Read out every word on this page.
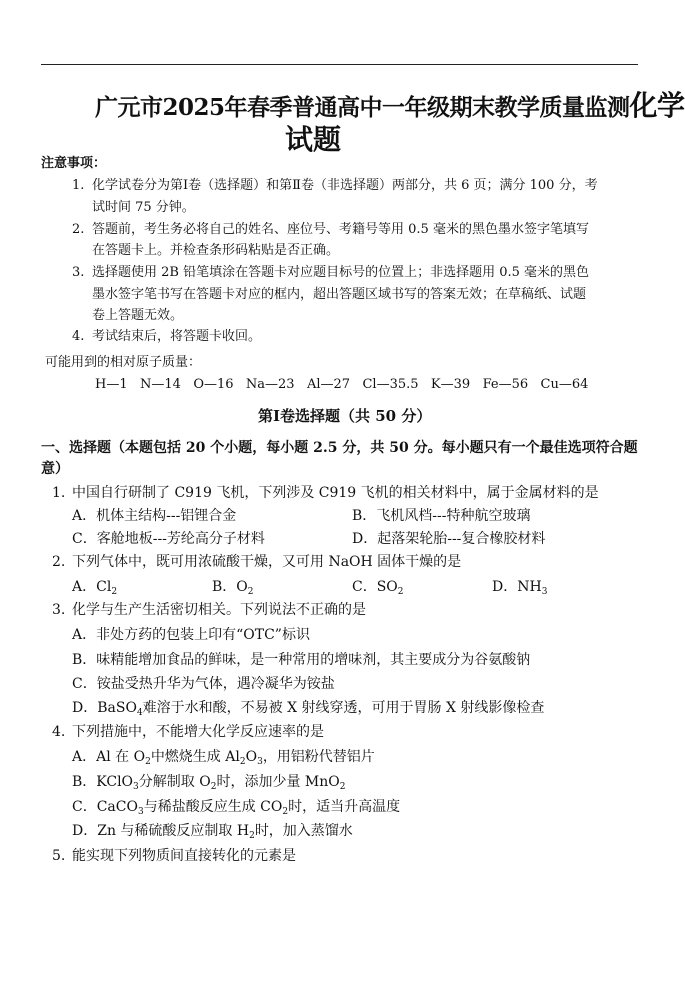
广元市2025年春季普通高中一年级期末教学质量监测化学
试题
注意事项：
1. 化学试卷分为第Ⅰ卷（选择题）和第Ⅱ卷（非选择题）两部分，共 6 页；满分 100 分，考
试时间 75 分钟。
2. 答题前，考生务必将自己的姓名、座位号、考籍号等用 0.5 毫米的黑色墨水签字笔填写
在答题卡上。并检查条形码粘贴是否正确。
3. 选择题使用 2B 铅笔填涂在答题卡对应题目标号的位置上；非选择题用 0.5 毫米的黑色
墨水签字笔书写在答题卡对应的框内，超出答题区域书写的答案无效；在草稿纸、试题
卷上答题无效。
4. 考试结束后，将答题卡收回。
可能用到的相对原子质量：
H—1   N—14   O—16   Na—23   Al—27   Cl—35.5   K—39   Fe—56   Cu—64
第Ⅰ卷选择题（共 50 分）
一、选择题（本题包括 20 个小题，每小题 2.5 分，共 50 分。每小题只有一个最佳选项符合题
意）
1. 中国自行研制了 C919 飞机，下列涉及 C919 飞机的相关材料中，属于金属材料的是
A．机体主结构---铝锂合金	B．飞机风档---特种航空玻璃
C．客舱地板---芳纶高分子材料	D．起落架轮胎---复合橡胶材料
2. 下列气体中，既可用浓硫酸干燥，又可用 NaOH 固体干燥的是
A．$Cl_2$	B．$O_2$	C．$SO_2$	D．$NH_3$
3. 化学与生产生活密切相关。下列说法不正确的是
A．非处方药的包装上印有“OTC”标识
B．味精能增加食品的鲜味，是一种常用的增味剂，其主要成分为谷氨酸钠
C．铵盐受热升华为气体，遇冷凝华为铵盐
D．BaSO$_4$难溶于水和酸，不易被 X 射线穿透，可用于胃肠 X 射线影像检查
4. 下列措施中，不能增大化学反应速率的是
A．Al 在 $O_2$中燃烧生成 $Al_2O_3$，用铝粉代替铝片
B．KClO$_3$分解制取 $O_2$时，添加少量 MnO$_2$
C．CaCO$_3$与稀盐酸反应生成 $CO_2$时，适当升高温度
D．Zn 与稀硫酸反应制取 $H_2$时，加入蒸馏水
5. 能实现下列物质间直接转化的元素是
